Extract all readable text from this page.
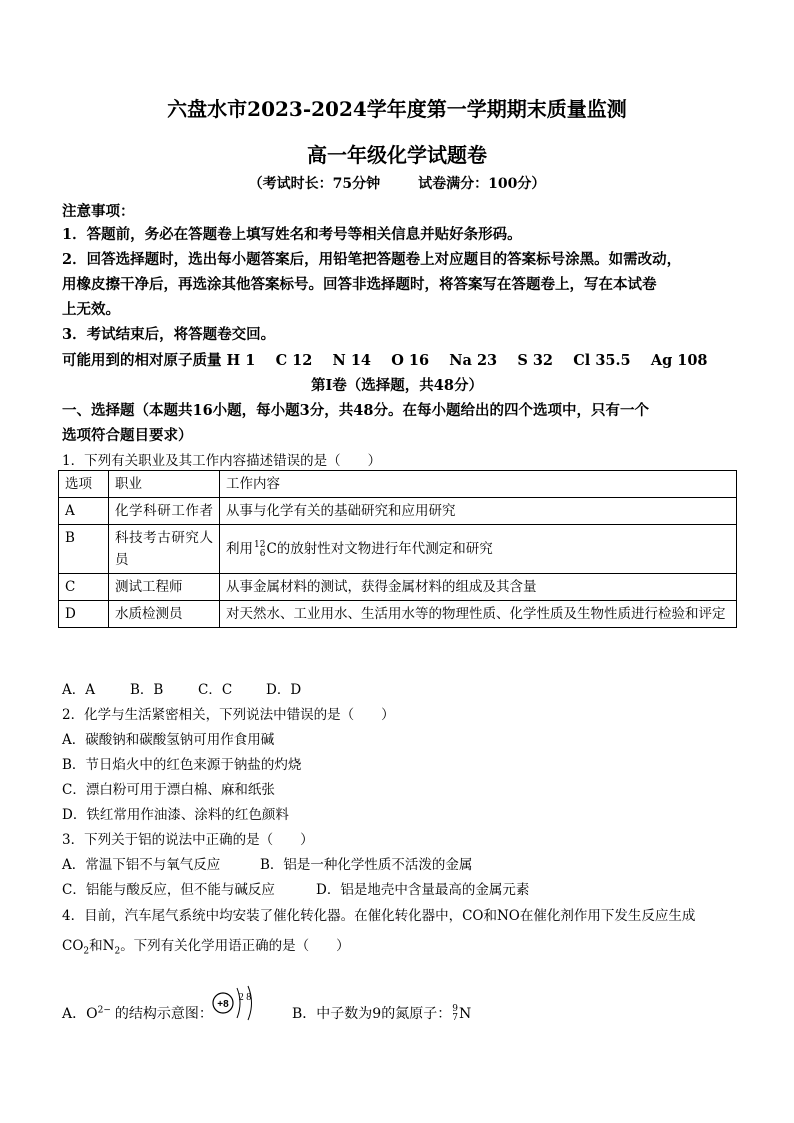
六盘水市2023-2024学年度第一学期期末质量监测
高一年级化学试题卷
（考试时长：75分钟	试卷满分：100分）
注意事项：
1．答题前，务必在答题卷上填写姓名和考号等相关信息并贴好条形码。
2．回答选择题时，选出每小题答案后，用铅笔把答题卷上对应题目的答案标号涂黑。如需改动，
用橡皮擦干净后，再选涂其他答案标号。回答非选择题时，将答案写在答题卷上，写在本试卷
上无效。
3．考试结束后，将答题卷交回。
可能用到的相对原子质量 H 1    C 12    N 14    O 16    Na 23    S 32    Cl 35.5    Ag 108
第Ⅰ卷（选择题，共48分）
一、选择题（本题共16小题，每小题3分，共48分。在每小题给出的四个选项中，只有一个
选项符合题目要求）
1．下列有关职业及其工作内容描述错误的是（　　）
选项	职业	工作内容
A	化学科研工作者	从事与化学有关的基础研究和应用研究
B	科技考古研究人员	利用 12
6 C的放射性对文物进行年代测定和研究
C	测试工程师	从事金属材料的测试，获得金属材料的组成及其含量
D	水质检测员	对天然水、工业用水、生活用水等的物理性质、化学性质及生物性质进行检验和评定
A．A	B．B	C．C	D．D
2．化学与生活紧密相关，下列说法中错误的是（　　）
A．碳酸钠和碳酸氢钠可用作食用碱
B．节日焰火中的红色来源于钠盐的灼烧
C．漂白粉可用于漂白棉、麻和纸张
D．铁红常用作油漆、涂料的红色颜料
3．下列关于铝的说法中正确的是（　　）
A．常温下铝不与氧气反应	B．铝是一种化学性质不活泼的金属
C．铝能与酸反应，但不能与碱反应	D．铝是地壳中含量最高的金属元素
4．目前，汽车尾气系统中均安装了催化转化器。在催化转化器中，CO和NO在催化剂作用下发生反应生成
$CO_2$和$N_2$。下列有关化学用语正确的是（　　）
A．$O^{2-}$ 的结构示意图：
+8
2 8
B．中子数为9的氮原子： 9
7 N
